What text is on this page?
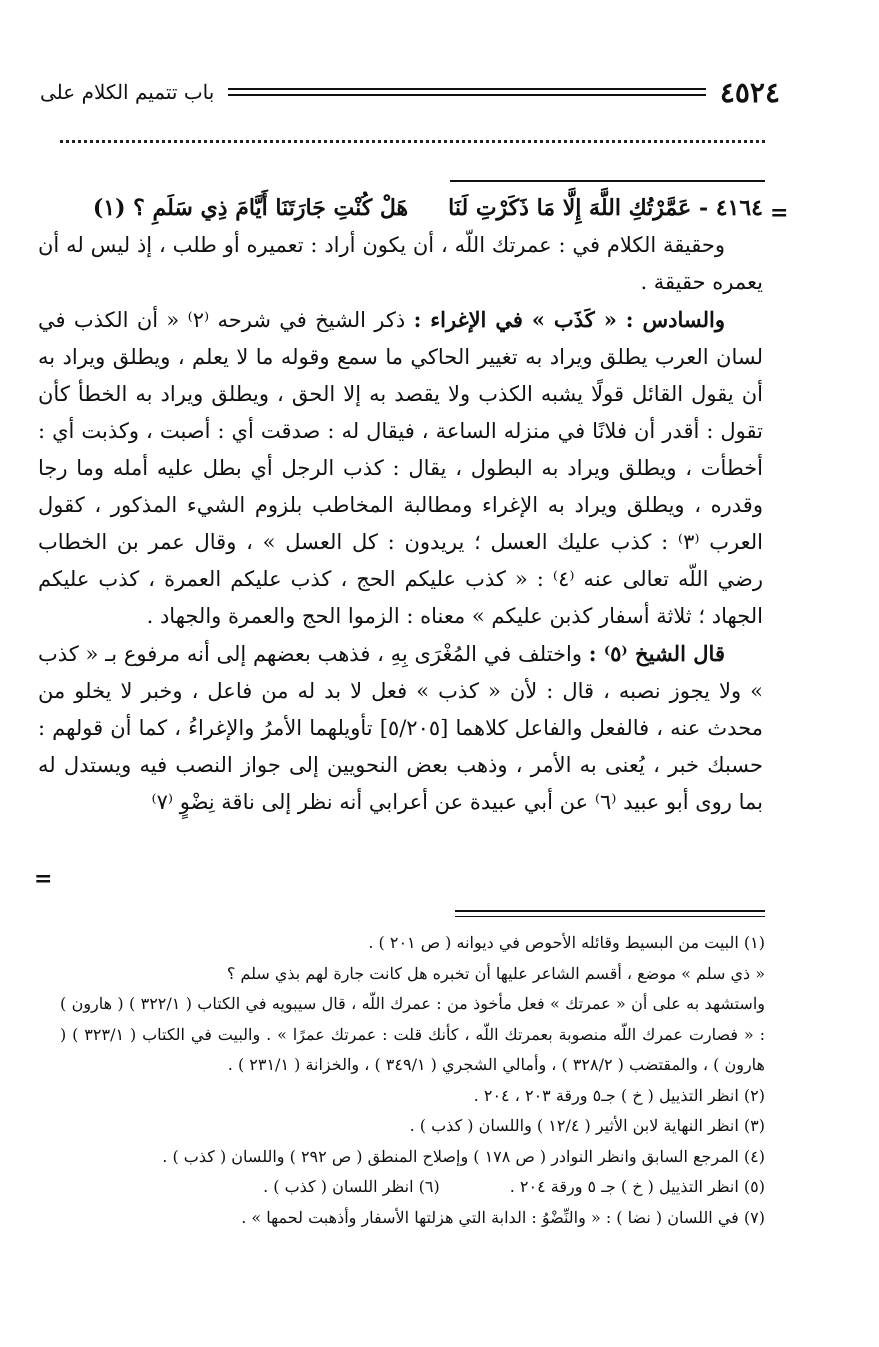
٤٥٢٤
باب تتميم الكلام على
=
=

٤١٦٤ - عَمَّرْتُكِ اللَّهَ إِلَّا مَا ذَكَرْتِ لَنَاهَلْ كُنْتِ جَارَتَنَا أَيَّامَ ذِي سَلَمِ ؟ (١)

وحقيقة الكلام في : عمرتك اللّه ، أن يكون أراد : تعميره أو طلب ، إذ ليس له أن يعمره حقيقة .

والسادس : « كَذَب » في الإغراء : ذكر الشيخ في شرحه ⁽٢⁾ « أن الكذب في لسان العرب يطلق ويراد به تغيير الحاكي ما سمع وقوله ما لا يعلم ، ويطلق ويراد به أن يقول القائل قولًا يشبه الكذب ولا يقصد به إلا الحق ، ويطلق ويراد به الخطأ كأن تقول : أقدر أن فلانًا في منزله الساعة ، فيقال له : صدقت أي : أصبت ، وكذبت أي : أخطأت ، ويطلق ويراد به البطول ، يقال : كذب الرجل أي بطل عليه أمله وما رجا وقدره ، ويطلق ويراد به الإغراء ومطالبة المخاطب بلزوم الشيء المذكور ، كقول العرب ⁽٣⁾ : كذب عليك العسل ؛ يريدون : كل العسل » ، وقال عمر بن الخطاب رضي اللّه تعالى عنه ⁽٤⁾ : « كذب عليكم الحج ، كذب عليكم العمرة ، كذب عليكم الجهاد ؛ ثلاثة أسفار كذبن عليكم » معناه : الزموا الحج والعمرة والجهاد .

قال الشيخ ⁽٥⁾ : واختلف في المُغْرَى بِهِ ، فذهب بعضهم إلى أنه مرفوع بـ « كذب » ولا يجوز نصبه ، قال : لأن « كذب » فعل لا بد له من فاعل ، وخبر لا يخلو من محدث عنه ، فالفعل والفاعل كلاهما [٥/٢٠٥] تأويلهما الأمرُ والإغراءُ ، كما أن قولهم : حسبك خبر ، يُعنى به الأمر ، وذهب بعض النحويين إلى جواز النصب فيه ويستدل له بما روى أبو عبيد ⁽٦⁾ عن أبي عبيدة عن أعرابي أنه نظر إلى ناقة نِضْوٍ ⁽٧⁾

(١) البيت من البسيط وقائله الأحوص في ديوانه ( ص ٢٠١ ) .

« ذي سلم » موضع ، أقسم الشاعر عليها أن تخبره هل كانت جارة لهم بذي سلم ؟

واستشهد به على أن « عمرتك » فعل مأخوذ من : عمرك اللّه ، قال سيبويه في الكتاب ( ٣٢٢/١ ) ( هارون ) : « فصارت عمرك اللّه منصوبة بعمرتك اللّه ، كأنك قلت : عمرتك عمرًا » . والبيت في الكتاب ( ٣٢٣/١ ) ( هارون ) ، والمقتضب ( ٣٢٨/٢ ) ، وأمالي الشجري ( ٣٤٩/١ ) ، والخزانة ( ٢٣١/١ ) .

(٢) انظر التذييل ( خ ) جـ٥ ورقة ٢٠٣ ، ٢٠٤ .

(٣) انظر النهاية لابن الأثير ( ١٢/٤ ) واللسان ( كذب ) .

(٤) المرجع السابق وانظر النوادر ( ص ١٧٨ ) وإصلاح المنطق ( ص ٢٩٢ ) واللسان ( كذب ) .

(٥) انظر التذييل ( خ ) جـ ٥ ورقة ٢٠٤ .
(٦) انظر اللسان ( كذب ) .

(٧) في اللسان ( نضا ) : « والنِّضْوُ : الدابة التي هزلتها الأسفار وأذهبت لحمها » .
